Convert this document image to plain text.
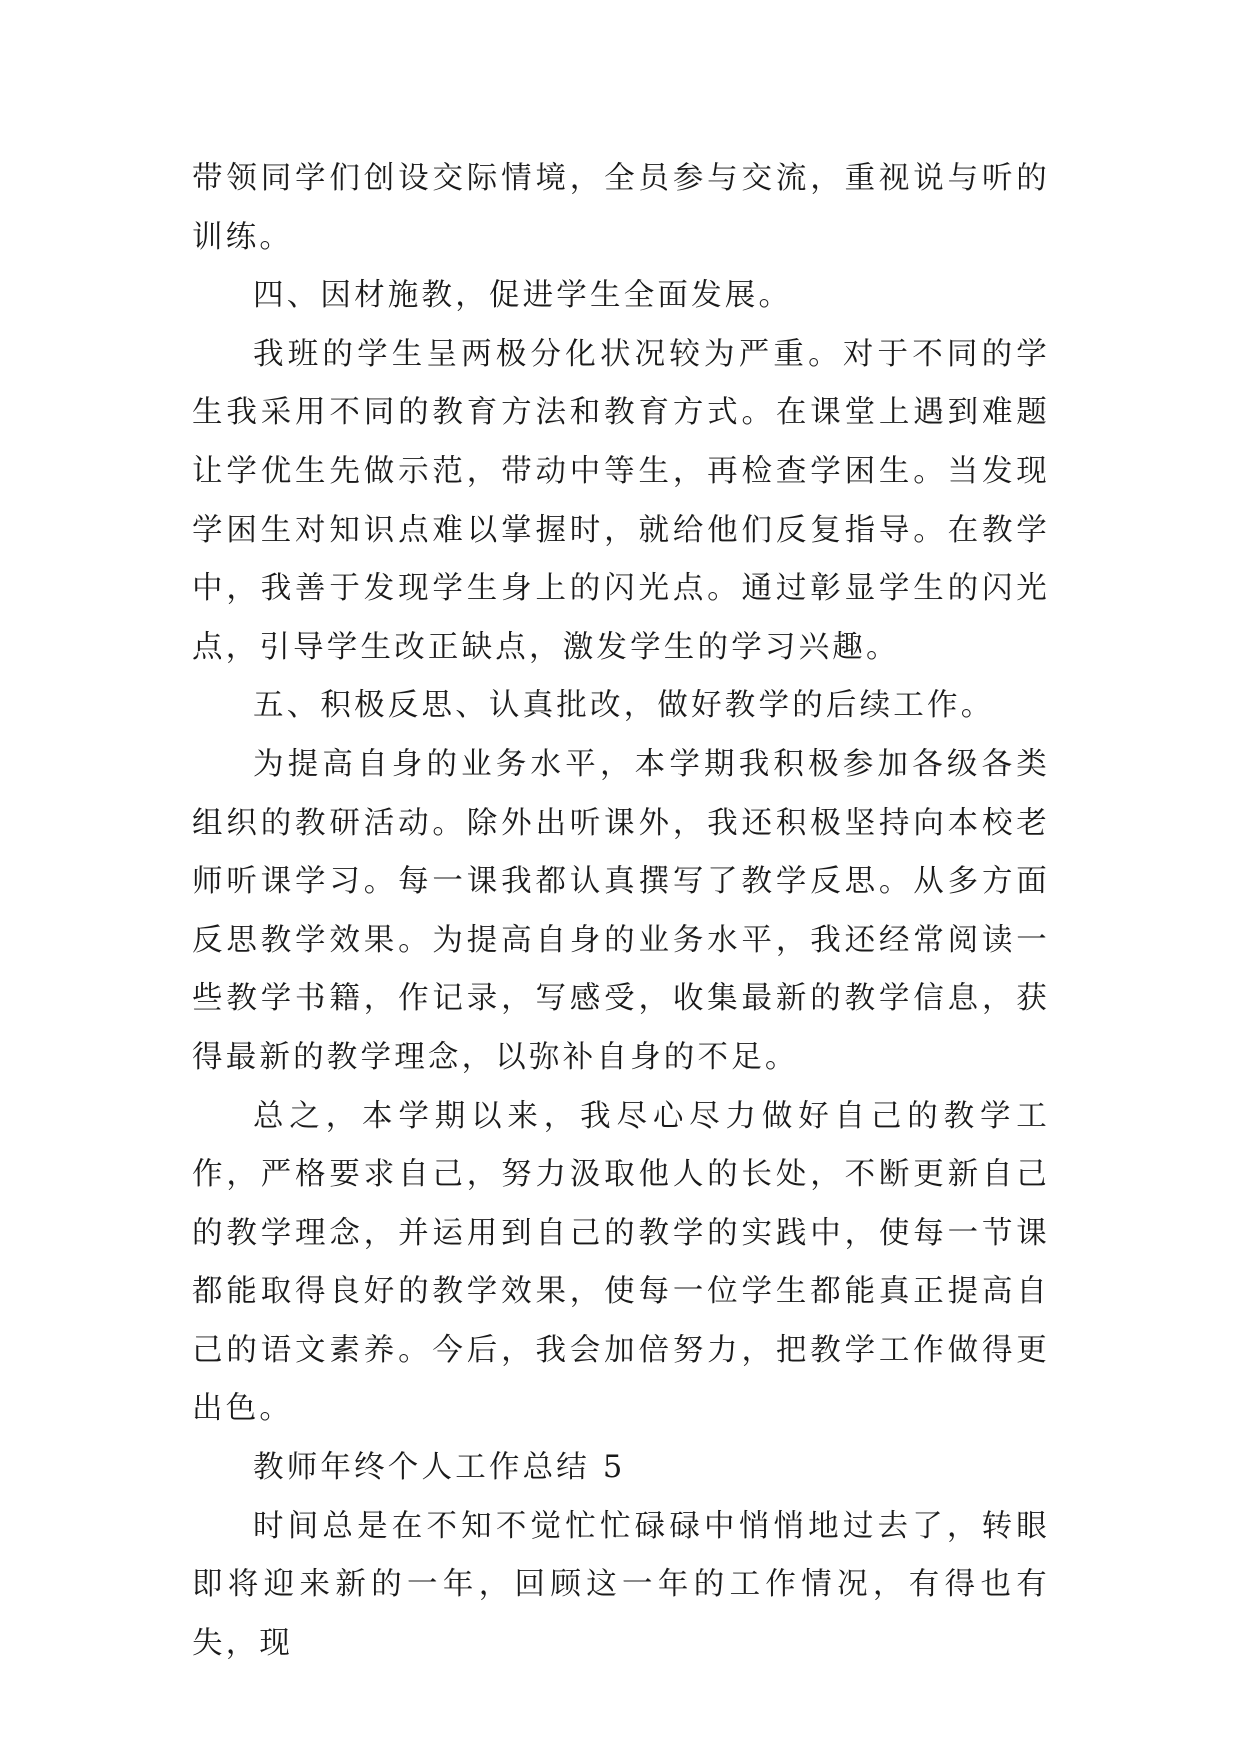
带领同学们创设交际情境，全员参与交流，重视说与听的训练。

四、因材施教，促进学生全面发展。

我班的学生呈两极分化状况较为严重。对于不同的学生我采用不同的教育方法和教育方式。在课堂上遇到难题让学优生先做示范，带动中等生，再检查学困生。当发现学困生对知识点难以掌握时，就给他们反复指导。在教学中，我善于发现学生身上的闪光点。通过彰显学生的闪光点，引导学生改正缺点，激发学生的学习兴趣。

五、积极反思、认真批改，做好教学的后续工作。

为提高自身的业务水平，本学期我积极参加各级各类组织的教研活动。除外出听课外，我还积极坚持向本校老师听课学习。每一课我都认真撰写了教学反思。从多方面反思教学效果。为提高自身的业务水平，我还经常阅读一些教学书籍，作记录，写感受，收集最新的教学信息，获得最新的教学理念，以弥补自身的不足。

总之，本学期以来，我尽心尽力做好自己的教学工作，严格要求自己，努力汲取他人的长处，不断更新自己的教学理念，并运用到自己的教学的实践中，使每一节课都能取得良好的教学效果，使每一位学生都能真正提高自己的语文素养。今后，我会加倍努力，把教学工作做得更出色。

教师年终个人工作总结 5

时间总是在不知不觉忙忙碌碌中悄悄地过去了，转眼即将迎来新的一年，回顾这一年的工作情况，有得也有失，现
